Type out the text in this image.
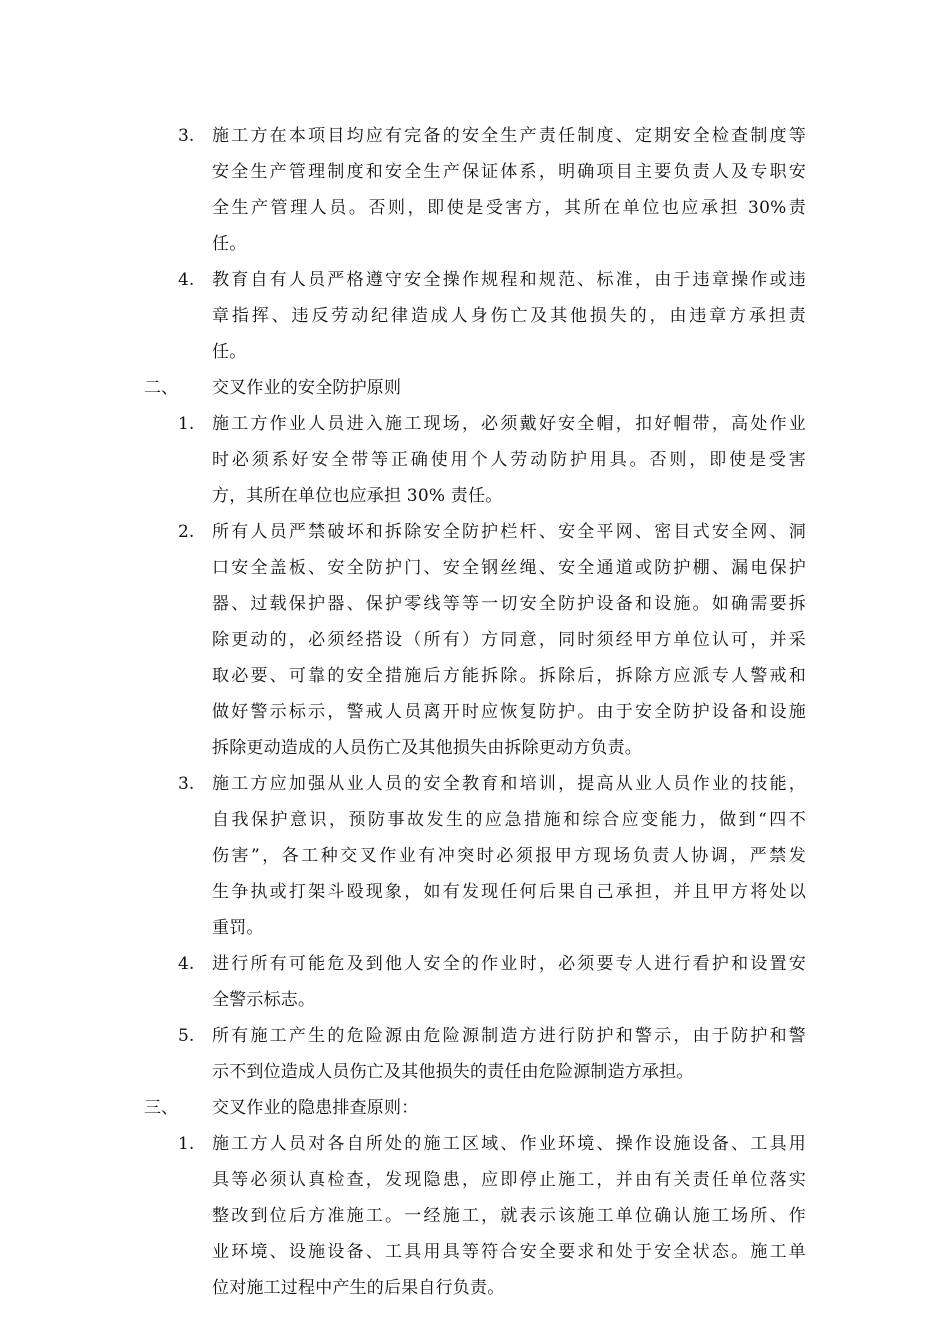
3. 施工方在本项目均应有完备的安全生产责任制度、定期安全检查制度等
安全生产管理制度和安全生产保证体系，明确项目主要负责人及专职安
全生产管理人员。否则，即使是受害方，其所在单位也应承担 30%责
任。
4. 教育自有人员严格遵守安全操作规程和规范、标准，由于违章操作或违
章指挥、违反劳动纪律造成人身伤亡及其他损失的，由违章方承担责
任。
二、 交叉作业的安全防护原则
1. 施工方作业人员进入施工现场，必须戴好安全帽，扣好帽带，高处作业
时必须系好安全带等正确使用个人劳动防护用具。否则，即使是受害
方，其所在单位也应承担 30% 责任。
2. 所有人员严禁破坏和拆除安全防护栏杆、安全平网、密目式安全网、洞
口安全盖板、安全防护门、安全钢丝绳、安全通道或防护棚、漏电保护
器、过载保护器、保护零线等等一切安全防护设备和设施。如确需要拆
除更动的，必须经搭设（所有）方同意，同时须经甲方单位认可，并采
取必要、可靠的安全措施后方能拆除。拆除后，拆除方应派专人警戒和
做好警示标示，警戒人员离开时应恢复防护。由于安全防护设备和设施
拆除更动造成的人员伤亡及其他损失由拆除更动方负责。
3. 施工方应加强从业人员的安全教育和培训，提高从业人员作业的技能，
自我保护意识，预防事故发生的应急措施和综合应变能力，做到“四不
伤害”，各工种交叉作业有冲突时必须报甲方现场负责人协调，严禁发
生争执或打架斗殴现象，如有发现任何后果自己承担，并且甲方将处以
重罚。
4. 进行所有可能危及到他人安全的作业时，必须要专人进行看护和设置安
全警示标志。
5. 所有施工产生的危险源由危险源制造方进行防护和警示，由于防护和警
示不到位造成人员伤亡及其他损失的责任由危险源制造方承担。
三、 交叉作业的隐患排查原则：
1. 施工方人员对各自所处的施工区域、作业环境、操作设施设备、工具用
具等必须认真检查，发现隐患，应即停止施工，并由有关责任单位落实
整改到位后方准施工。一经施工，就表示该施工单位确认施工场所、作
业环境、设施设备、工具用具等符合安全要求和处于安全状态。施工单
位对施工过程中产生的后果自行负责。
